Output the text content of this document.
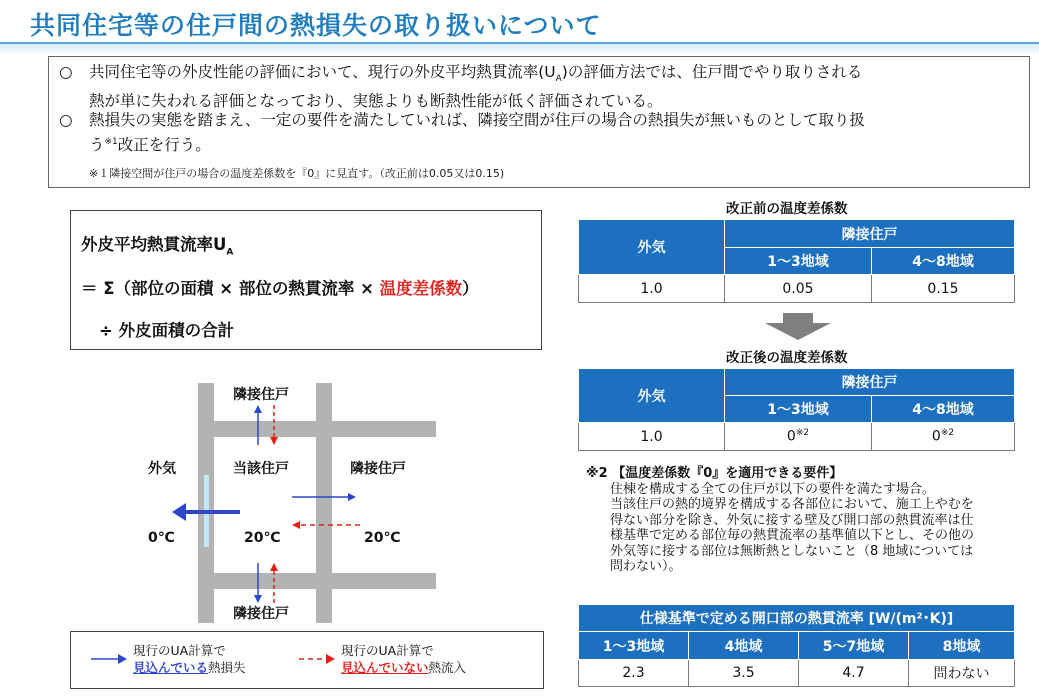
共同住宅等の住戸間の熱損失の取り扱いについて
○ 共同住宅等の外皮性能の評価において、現行の外皮平均熱貫流率$(U_A)$の評価方法では、住戸間でやり取りされる
熱が単に失われる評価となっており、実態よりも断熱性能が低く評価されている。
○ 熱損失の実態を踏まえ、一定の要件を満たしていれば、隣接空間が住戸の場合の熱損失が無いものとして取り扱
う$^{※1}$改正を行う。
※１隣接空間が住戸の場合の温度差係数を『0』に見直す。（改正前は0.05又は0.15)
外皮平均熱貫流率$U_A$
＝ Σ（部位の面積 × 部位の熱貫流率 × 温度差係数）
÷ 外皮面積の合計
隣接住戸
隣接住戸
外気	当該住戸	隣接住戸
0℃	20℃	20℃
現行のUA計算で
見込んでいる熱損失
現行のUA計算で
見込んでいない熱流入
改正前の温度差係数
外気	隣接住戸	
	1～3地域	4～8地域
1.0	0.05	0.15
改正後の温度差係数
外気	隣接住戸	
	1～3地域	4～8地域
1.0	0$^{※2}$	0$^{※2}$
※2 【温度差係数『0』を適用できる要件】
住棟を構成する全ての住戸が以下の要件を満たす場合。
当該住戸の熱的境界を構成する各部位において、施工上やむを
得ない部分を除き、外気に接する壁及び開口部の熱貫流率は仕
様基準で定める部位毎の熱貫流率の基準値以下とし、その他の
外気等に接する部位は無断熱としないこと（8 地域については
問わない）。
仕様基準で定める開口部の熱貫流率 [W/(m²･K)]			
1～3地域	4地域	5～7地域	8地域
2.3	3.5	4.7	問わない
